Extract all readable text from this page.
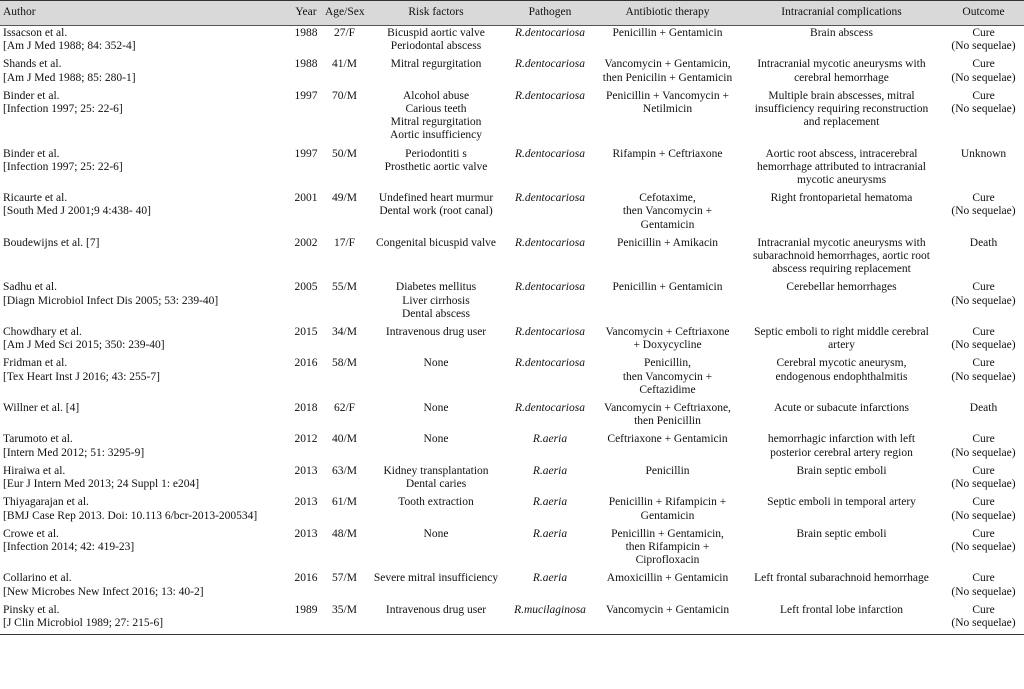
Author	Year	Age/Sex	Risk factors	Pathogen	Antibiotic therapy	Intracranial complications	Outcome

Issacson et al.
[Am J Med 1988; 84: 352-4]	1988	27/F	Bicuspid aortic valve
Periodontal abscess	R.dentocariosa	Penicillin + Gentamicin	Brain abscess	Cure
(No sequelae)

Shands et al.
[Am J Med 1988; 85: 280-1]	1988	41/M	Mitral regurgitation	R.dentocariosa	Vancomycin + Gentamicin,
then Penicilin + Gentamicin	Intracranial mycotic aneurysms with
cerebral hemorrhage	Cure
(No sequelae)

Binder et al.
[Infection 1997; 25: 22-6]	1997	70/M	Alcohol abuse
Carious teeth
Mitral regurgitation
Aortic insufficiency	R.dentocariosa	Penicillin + Vancomycin +
Netilmicin	Multiple brain abscesses, mitral
insufficiency requiring reconstruction
and replacement	Cure
(No sequelae)

Binder et al.
[Infection 1997; 25: 22-6]	1997	50/M	Periodontiti s
Prosthetic aortic valve	R.dentocariosa	Rifampin + Ceftriaxone	Aortic root abscess, intracerebral
hemorrhage attributed to intracranial
mycotic aneurysms	Unknown

Ricaurte et al.
[South Med J 2001;9 4:438- 40]	2001	49/M	Undefined heart murmur
Dental work (root canal)	R.dentocariosa	Cefotaxime,
then Vancomycin +
Gentamicin	Right frontoparietal hematoma	Cure
(No sequelae)

Boudewijns et al. [7]	2002	17/F	Congenital bicuspid valve	R.dentocariosa	Penicillin + Amikacin	Intracranial mycotic aneurysms with
subarachnoid hemorrhages, aortic root
abscess requiring replacement	Death

Sadhu et al.
[Diagn Microbiol Infect Dis 2005; 53: 239-40]	2005	55/M	Diabetes mellitus
Liver cirrhosis
Dental abscess	R.dentocariosa	Penicillin + Gentamicin	Cerebellar hemorrhages	Cure
(No sequelae)

Chowdhary et al.
[Am J Med Sci 2015; 350: 239-40]	2015	34/M	Intravenous drug user	R.dentocariosa	Vancomycin + Ceftriaxone
+ Doxycycline	Septic emboli to right middle cerebral
artery	Cure
(No sequelae)

Fridman et al.
[Tex Heart Inst J 2016; 43: 255-7]	2016	58/M	None	R.dentocariosa	Penicillin,
then Vancomycin +
Ceftazidime	Cerebral mycotic aneurysm,
endogenous endophthalmitis	Cure
(No sequelae)

Willner et al. [4]	2018	62/F	None	R.dentocariosa	Vancomycin + Ceftriaxone,
then Penicillin	Acute or subacute infarctions	Death

Tarumoto et al.
[Intern Med 2012; 51: 3295-9]	2012	40/M	None	R.aeria	Ceftriaxone + Gentamicin	hemorrhagic infarction with left
posterior cerebral artery region	Cure
(No sequelae)

Hiraiwa et al.
[Eur J Intern Med 2013; 24 Suppl 1: e204]	2013	63/M	Kidney transplantation
Dental caries	R.aeria	Penicillin	Brain septic emboli	Cure
(No sequelae)

Thiyagarajan et al.
[BMJ Case Rep 2013. Doi: 10.113 6/bcr-2013-200534]	2013	61/M	Tooth extraction	R.aeria	Penicillin + Rifampicin +
Gentamicin	Septic emboli in temporal artery	Cure
(No sequelae)

Crowe et al.
[Infection 2014; 42: 419-23]	2013	48/M	None	R.aeria	Penicillin + Gentamicin,
then Rifampicin +
Ciprofloxacin	Brain septic emboli	Cure
(No sequelae)

Collarino et al.
[New Microbes New Infect 2016; 13: 40-2]	2016	57/M	Severe mitral insufficiency	R.aeria	Amoxicillin + Gentamicin	Left frontal subarachnoid hemorrhage	Cure
(No sequelae)

Pinsky et al.
[J Clin Microbiol 1989; 27: 215-6]	1989	35/M	Intravenous drug user	R.mucilaginosa	Vancomycin + Gentamicin	Left frontal lobe infarction	Cure
(No sequelae)
